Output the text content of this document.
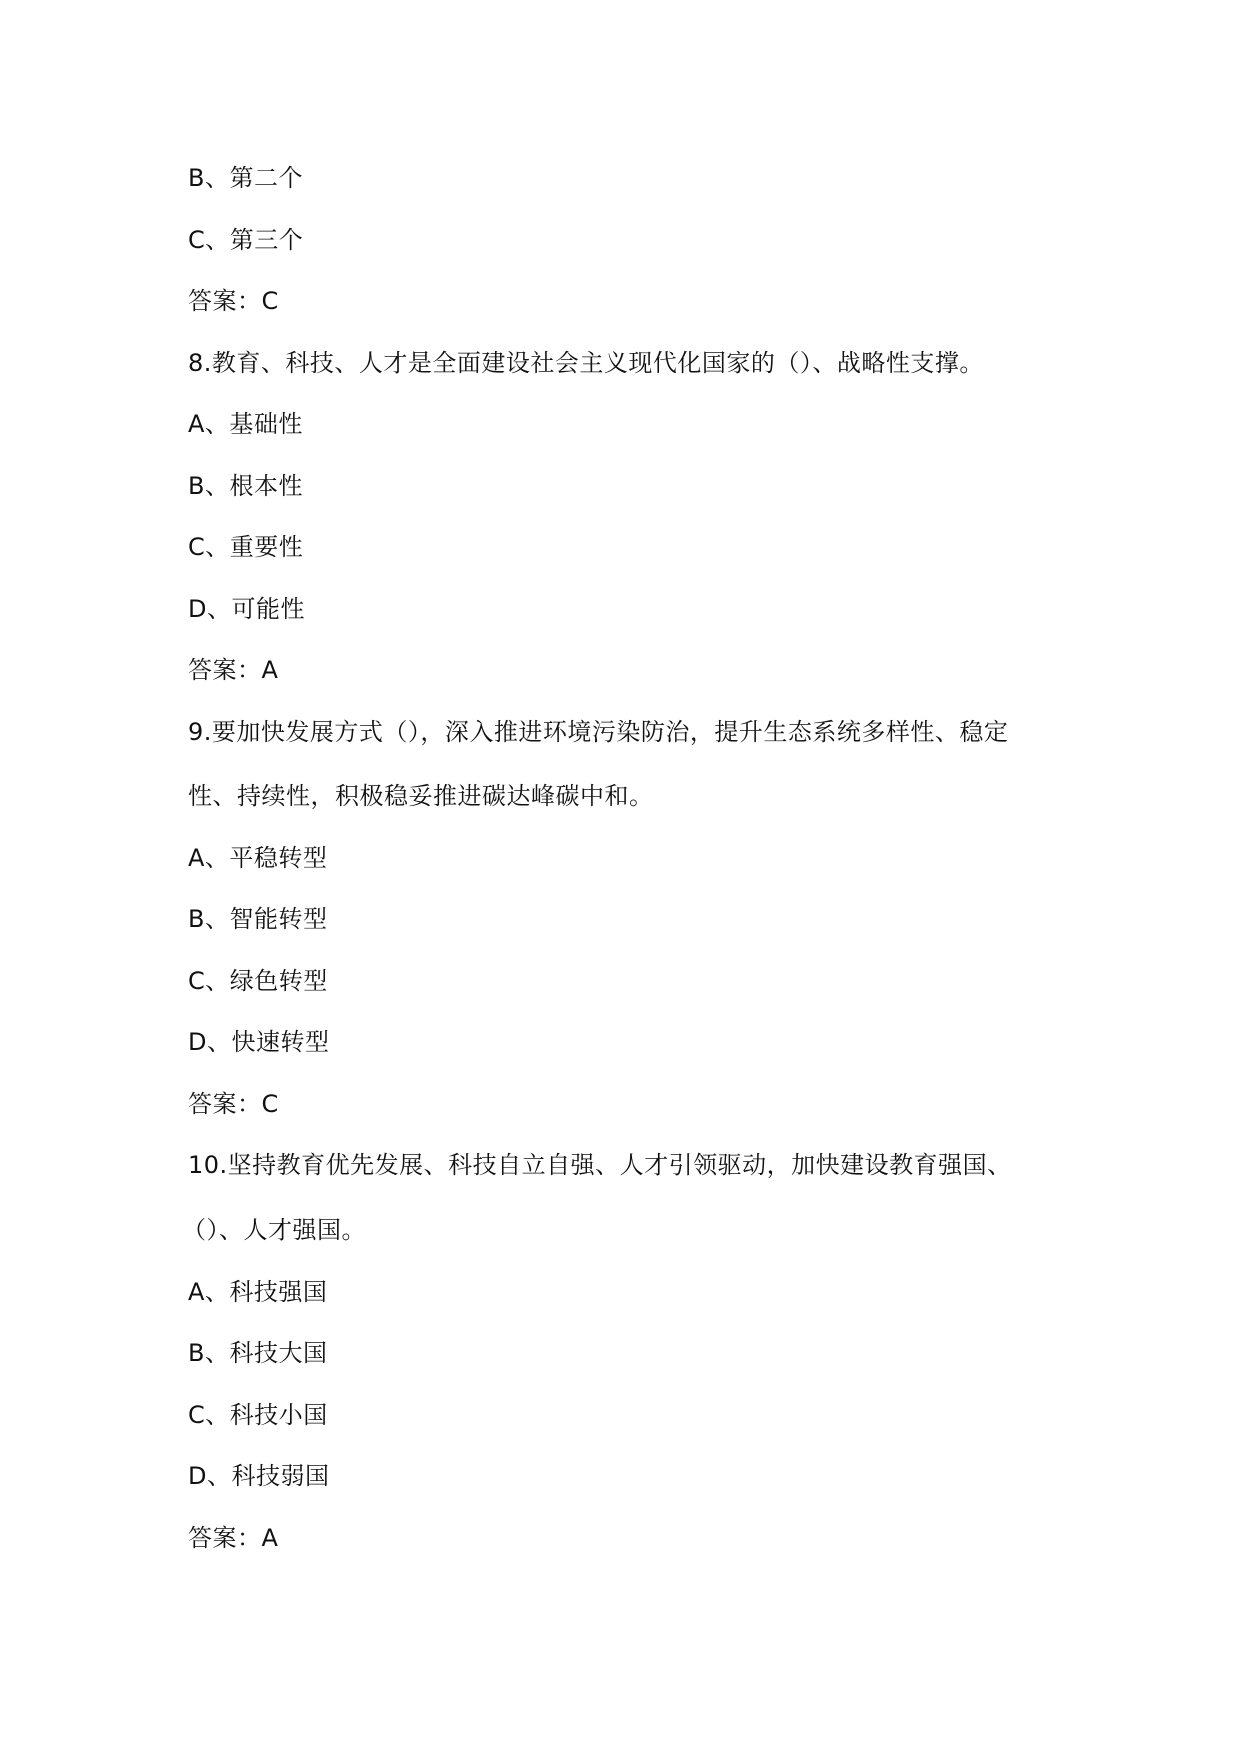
B、第二个
C、第三个
答案：C
8.教育、科技、人才是全面建设社会主义现代化国家的（）、战略性支撑。
A、基础性
B、根本性
C、重要性
D、可能性
答案：A
9.要加快发展方式（），深入推进环境污染防治，提升生态系统多样性、稳定
性、持续性，积极稳妥推进碳达峰碳中和。
A、平稳转型
B、智能转型
C、绿色转型
D、快速转型
答案：C
10.坚持教育优先发展、科技自立自强、人才引领驱动，加快建设教育强国、
（）、人才强国。
A、科技强国
B、科技大国
C、科技小国
D、科技弱国
答案：A
